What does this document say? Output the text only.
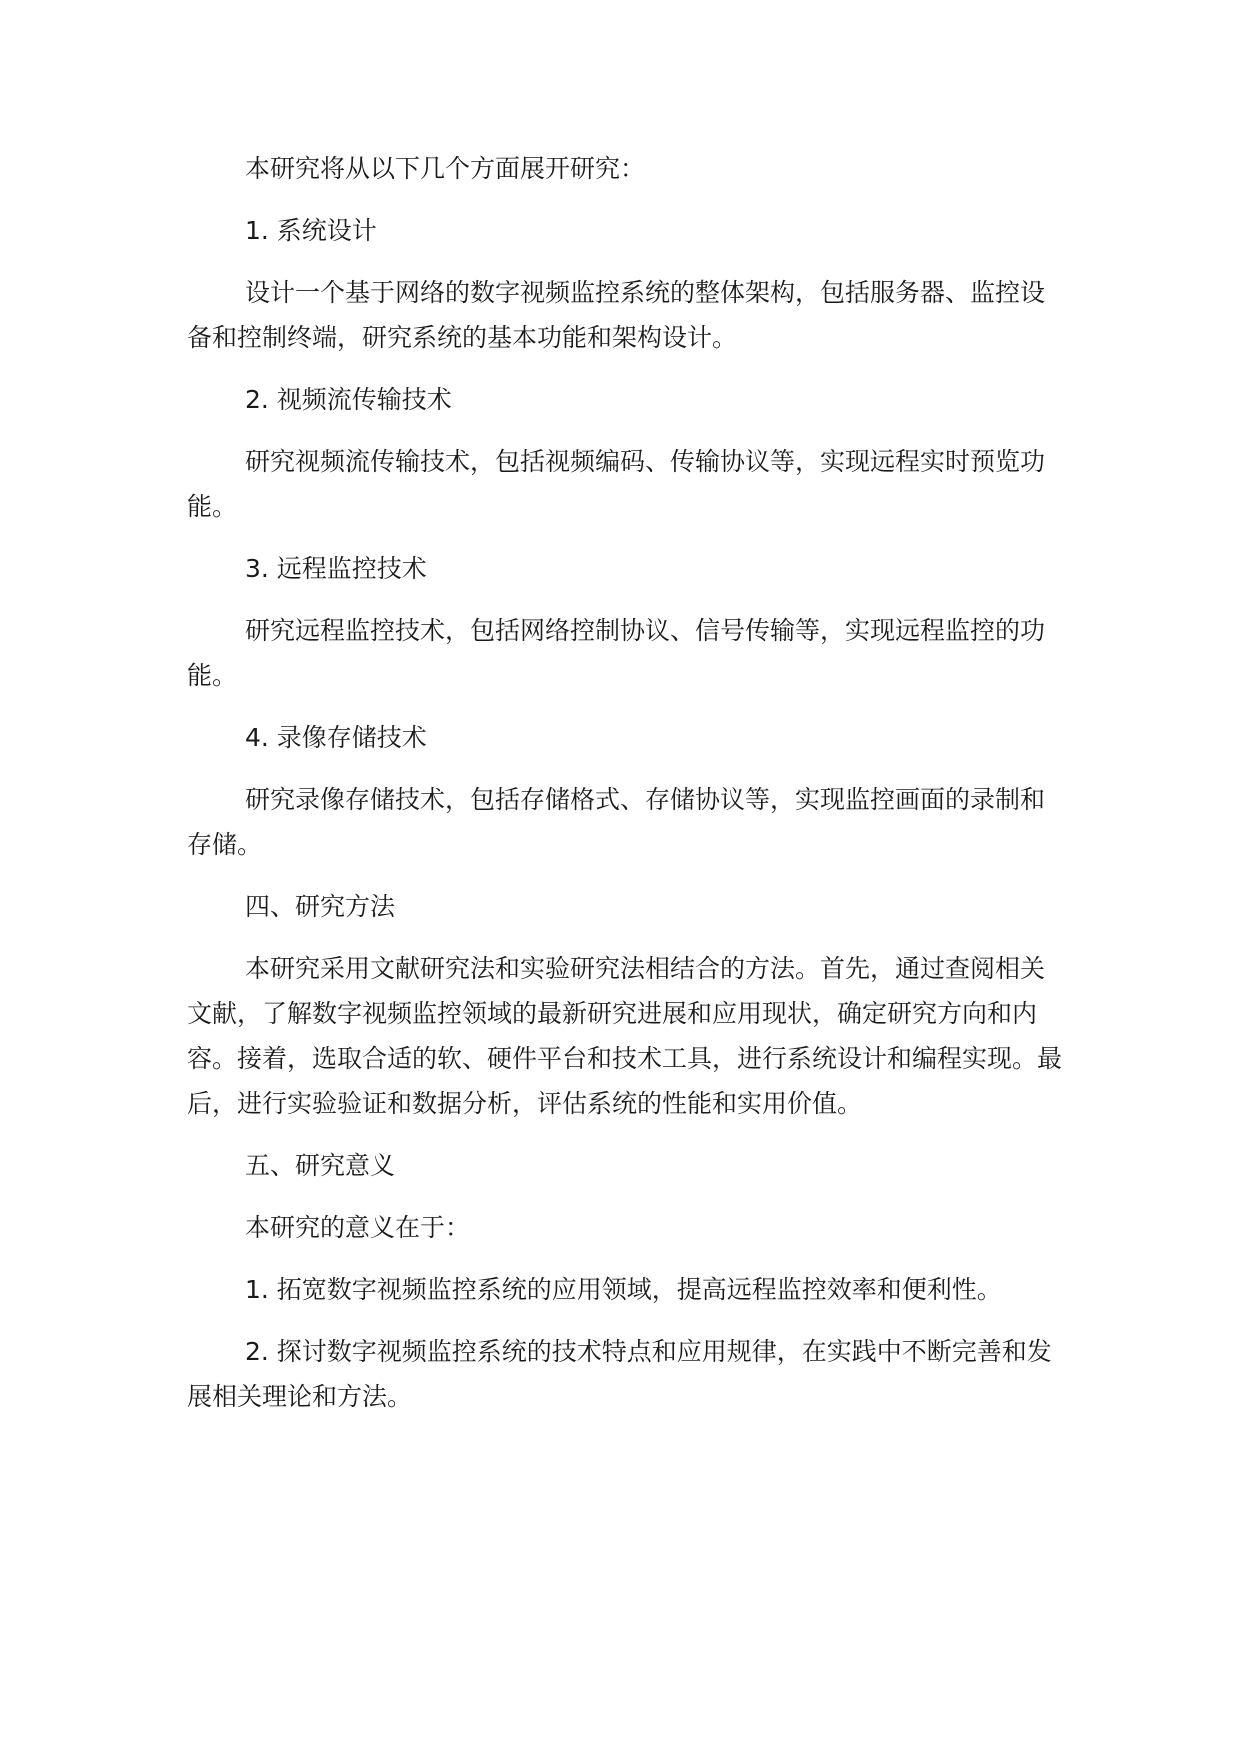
本研究将从以下几个方面展开研究：

1. 系统设计

设计一个基于网络的数字视频监控系统的整体架构，包括服务器、监控设备和控制终端，研究系统的基本功能和架构设计。

2. 视频流传输技术

研究视频流传输技术，包括视频编码、传输协议等，实现远程实时预览功能。

3. 远程监控技术

研究远程监控技术，包括网络控制协议、信号传输等，实现远程监控的功能。

4. 录像存储技术

研究录像存储技术，包括存储格式、存储协议等，实现监控画面的录制和存储。

四、研究方法

本研究采用文献研究法和实验研究法相结合的方法。首先，通过查阅相关文献，了解数字视频监控领域的最新研究进展和应用现状，确定研究方向和内容。接着，选取合适的软、硬件平台和技术工具，进行系统设计和编程实现。最后，进行实验验证和数据分析，评估系统的性能和实用价值。

五、研究意义

本研究的意义在于：

1. 拓宽数字视频监控系统的应用领域，提高远程监控效率和便利性。

2. 探讨数字视频监控系统的技术特点和应用规律，在实践中不断完善和发展相关理论和方法。
